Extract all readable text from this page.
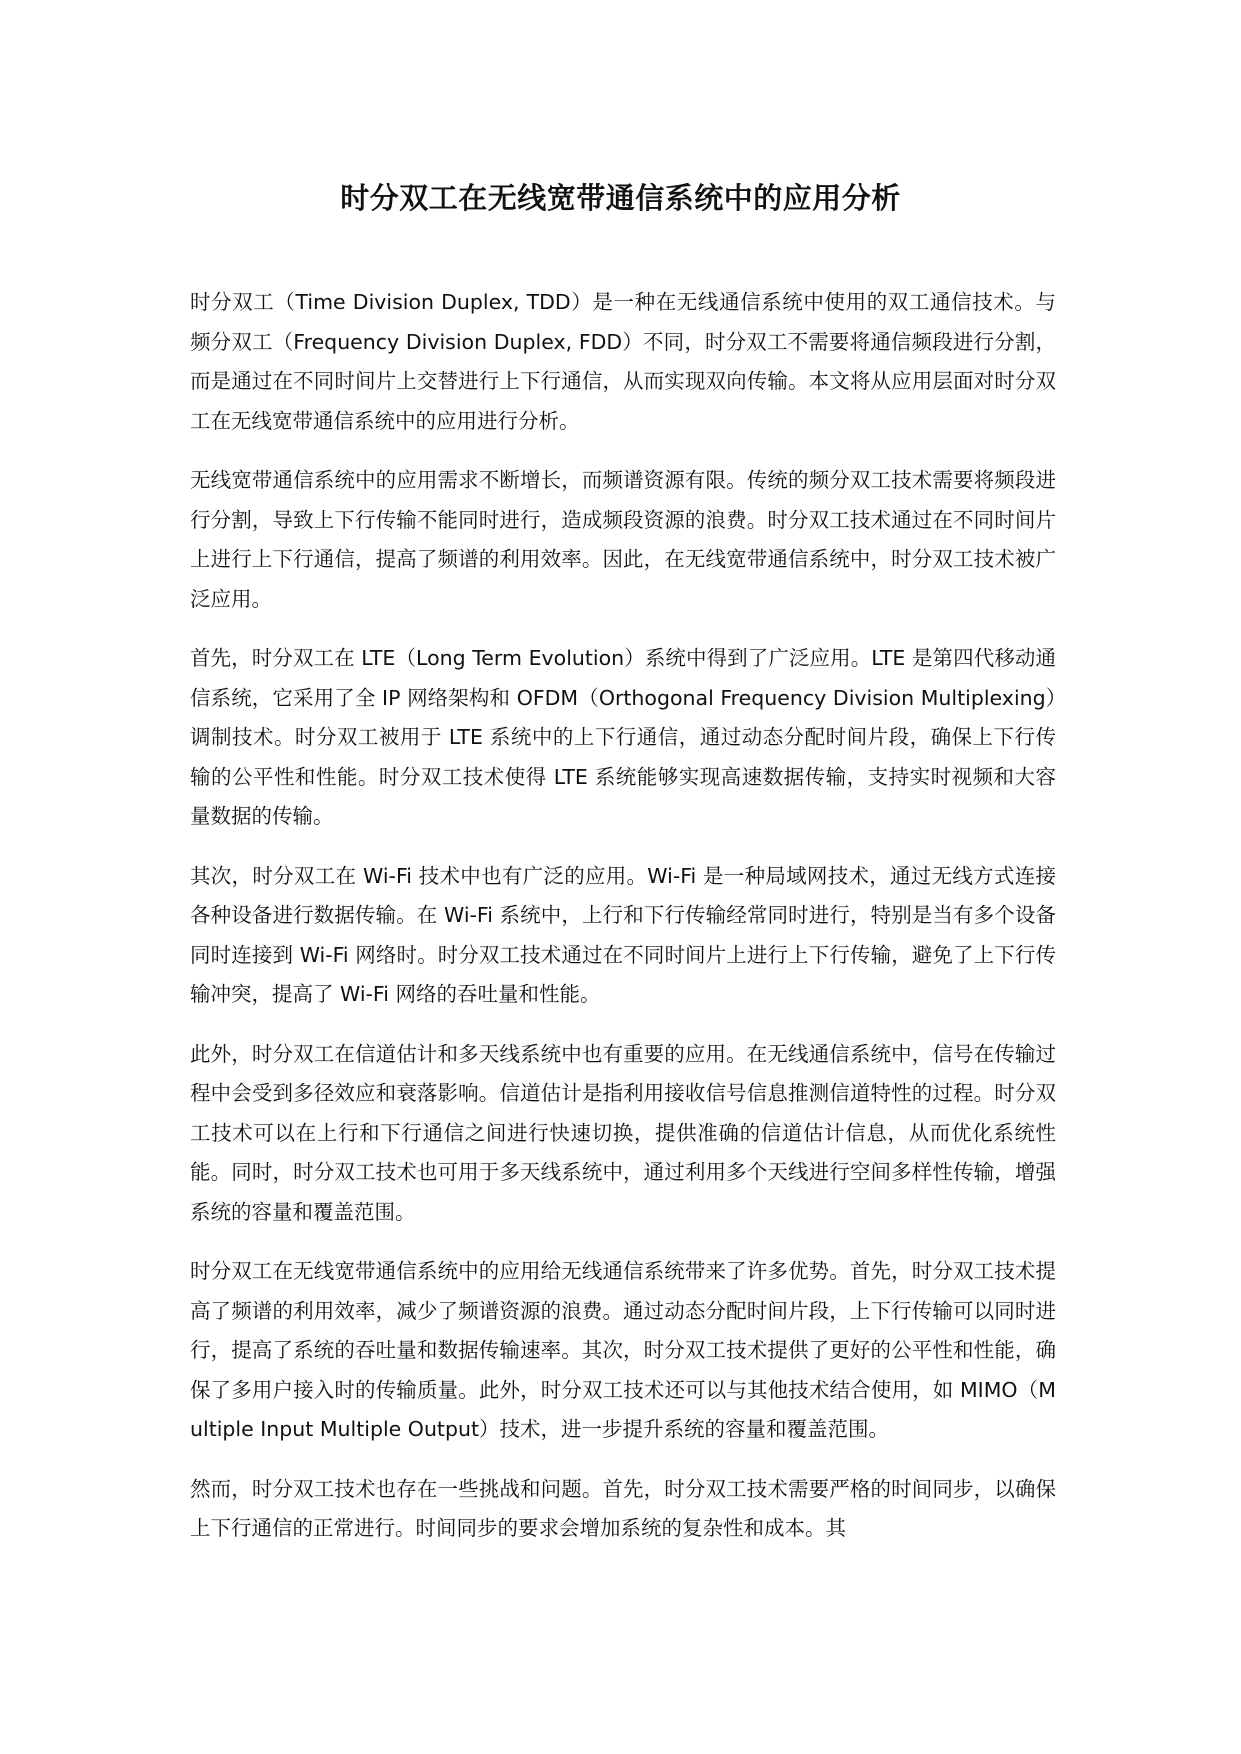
时分双工在无线宽带通信系统中的应用分析

时分双工（Time Division Duplex, TDD）是一种在无线通信系统中使用的双工通信技术。与频分双工（Frequency Division Duplex, FDD）不同，时分双工不需要将通信频段进行分割，而是通过在不同时间片上交替进行上下行通信，从而实现双向传输。本文将从应用层面对时分双工在无线宽带通信系统中的应用进行分析。

无线宽带通信系统中的应用需求不断增长，而频谱资源有限。传统的频分双工技术需要将频段进行分割，导致上下行传输不能同时进行，造成频段资源的浪费。时分双工技术通过在不同时间片上进行上下行通信，提高了频谱的利用效率。因此，在无线宽带通信系统中，时分双工技术被广泛应用。

首先，时分双工在 LTE（Long Term Evolution）系统中得到了广泛应用。LTE 是第四代移动通信系统，它采用了全 IP 网络架构和 OFDM（Orthogonal Frequency Division Multiplexing）调制技术。时分双工被用于 LTE 系统中的上下行通信，通过动态分配时间片段，确保上下行传输的公平性和性能。时分双工技术使得 LTE 系统能够实现高速数据传输，支持实时视频和大容量数据的传输。

其次，时分双工在 Wi-Fi 技术中也有广泛的应用。Wi-Fi 是一种局域网技术，通过无线方式连接各种设备进行数据传输。在 Wi-Fi 系统中，上行和下行传输经常同时进行，特别是当有多个设备同时连接到 Wi-Fi 网络时。时分双工技术通过在不同时间片上进行上下行传输，避免了上下行传输冲突，提高了 Wi-Fi 网络的吞吐量和性能。

此外，时分双工在信道估计和多天线系统中也有重要的应用。在无线通信系统中，信号在传输过程中会受到多径效应和衰落影响。信道估计是指利用接收信号信息推测信道特性的过程。时分双工技术可以在上行和下行通信之间进行快速切换，提供准确的信道估计信息，从而优化系统性能。同时，时分双工技术也可用于多天线系统中，通过利用多个天线进行空间多样性传输，增强系统的容量和覆盖范围。

时分双工在无线宽带通信系统中的应用给无线通信系统带来了许多优势。首先，时分双工技术提高了频谱的利用效率，减少了频谱资源的浪费。通过动态分配时间片段，上下行传输可以同时进行，提高了系统的吞吐量和数据传输速率。其次，时分双工技术提供了更好的公平性和性能，确保了多用户接入时的传输质量。此外，时分双工技术还可以与其他技术结合使用，如 MIMO（Multiple Input Multiple Output）技术，进一步提升系统的容量和覆盖范围。

然而，时分双工技术也存在一些挑战和问题。首先，时分双工技术需要严格的时间同步，以确保上下行通信的正常进行。时间同步的要求会增加系统的复杂性和成本。其
